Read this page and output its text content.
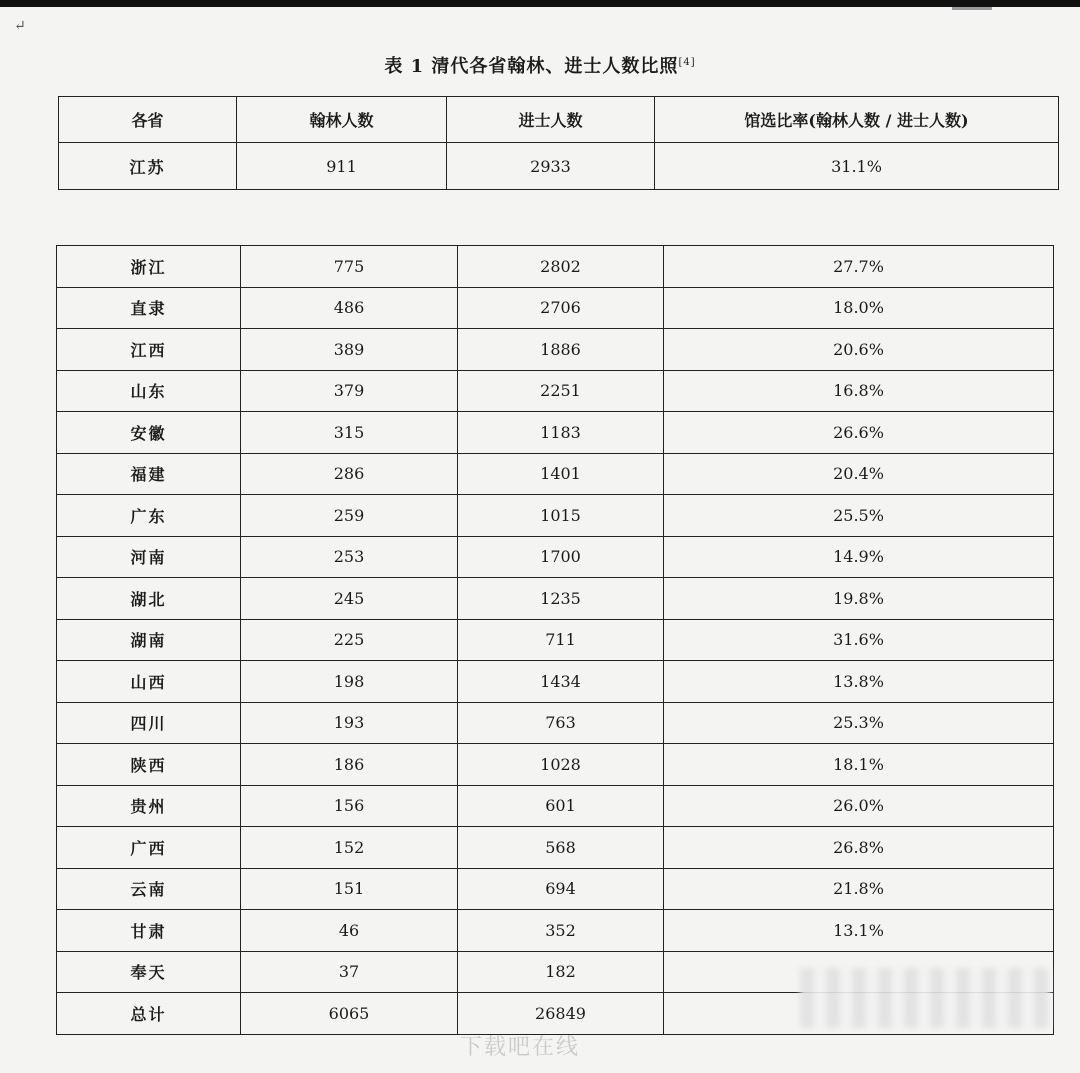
↵
表 1 清代各省翰林、进士人数比照[4]
各省	翰林人数	进士人数	馆选比率(翰林人数 / 进士人数)
江苏	911	2933	31.1%
浙江	775	2802	27.7%
直隶	486	2706	18.0%
江西	389	1886	20.6%
山东	379	2251	16.8%
安徽	315	1183	26.6%
福建	286	1401	20.4%
广东	259	1015	25.5%
河南	253	1700	14.9%
湖北	245	1235	19.8%
湖南	225	711	31.6%
山西	198	1434	13.8%
四川	193	763	25.3%
陕西	186	1028	18.1%
贵州	156	601	26.0%
广西	152	568	26.8%
云南	151	694	21.8%
甘肃	46	352	13.1%
奉天	37	182	
总计	6065	26849	
下载吧在线
